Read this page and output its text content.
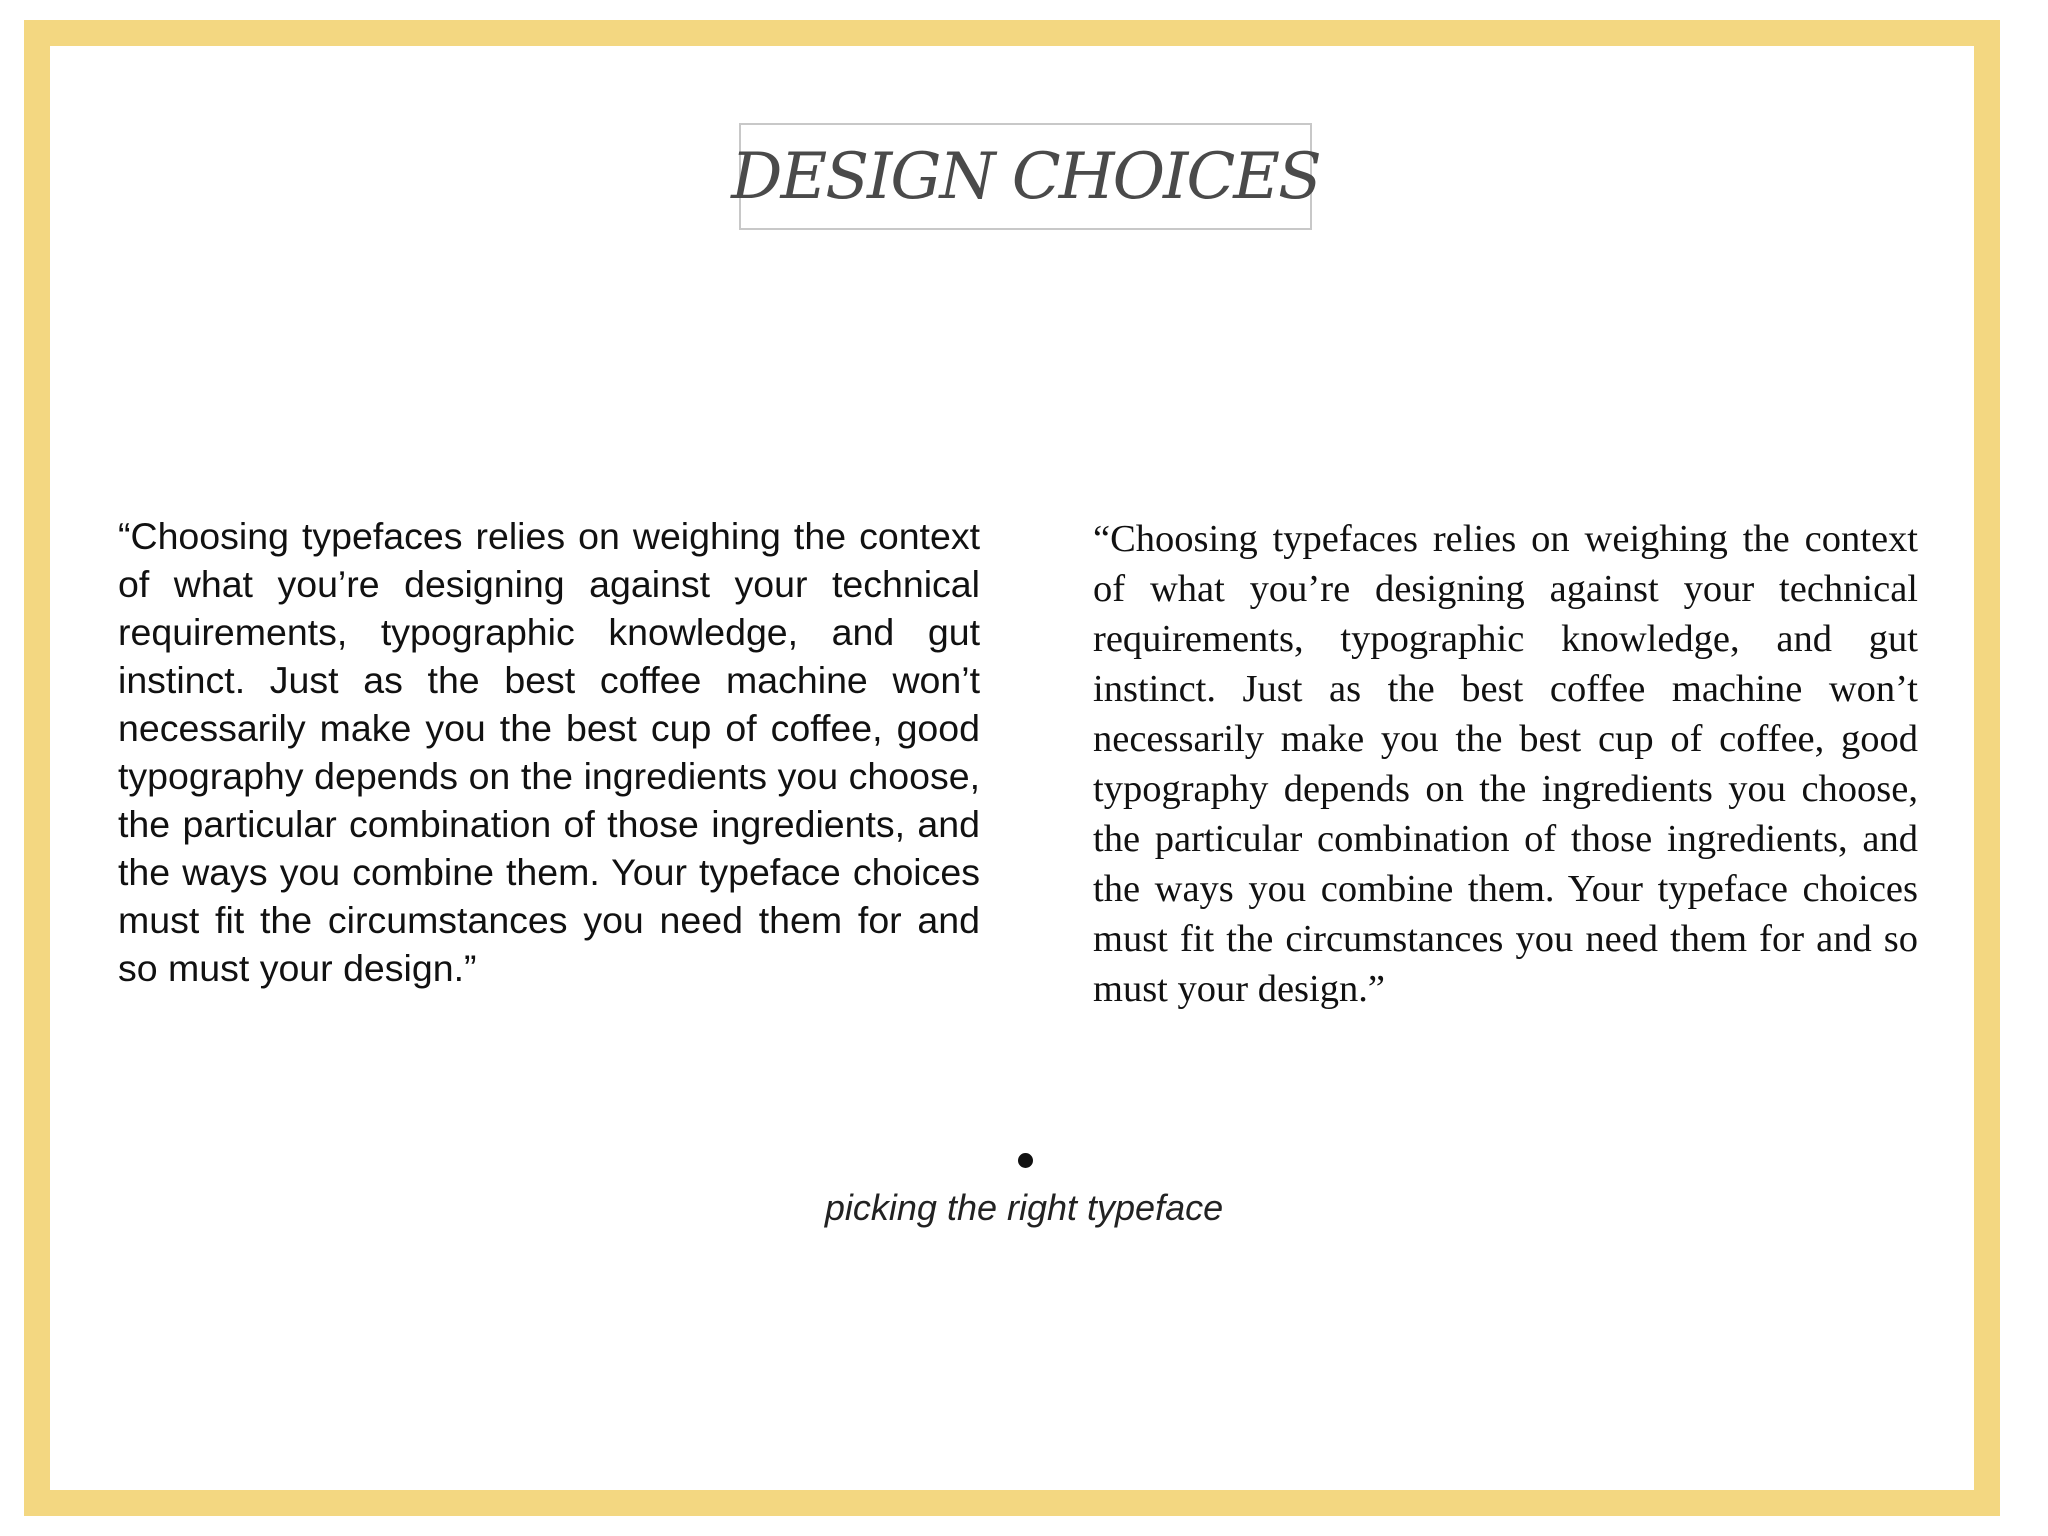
DESIGN CHOICES

“Choosing typefaces relies on weighing the context of what you’re designing against your technical requirements, typographic knowledge, and gut instinct. Just as the best coffee machine won’t necessarily make you the best cup of coffee, good typography depends on the ingredients you choose, the particular combination of those ingredients, and the ways you combine them. Your typeface choices must fit the circumstances you need them for and so must your design.”

“Choosing typefaces relies on weighing the context of what you’re designing against your technical requirements, typographic knowledge, and gut instinct. Just as the best coffee machine won’t necessarily make you the best cup of coffee, good typography depends on the ingredients you choose, the particular combination of those ingredients, and the ways you combine them. Your typeface choices must fit the circumstances you need them for and so must your design.”

picking the right typeface
